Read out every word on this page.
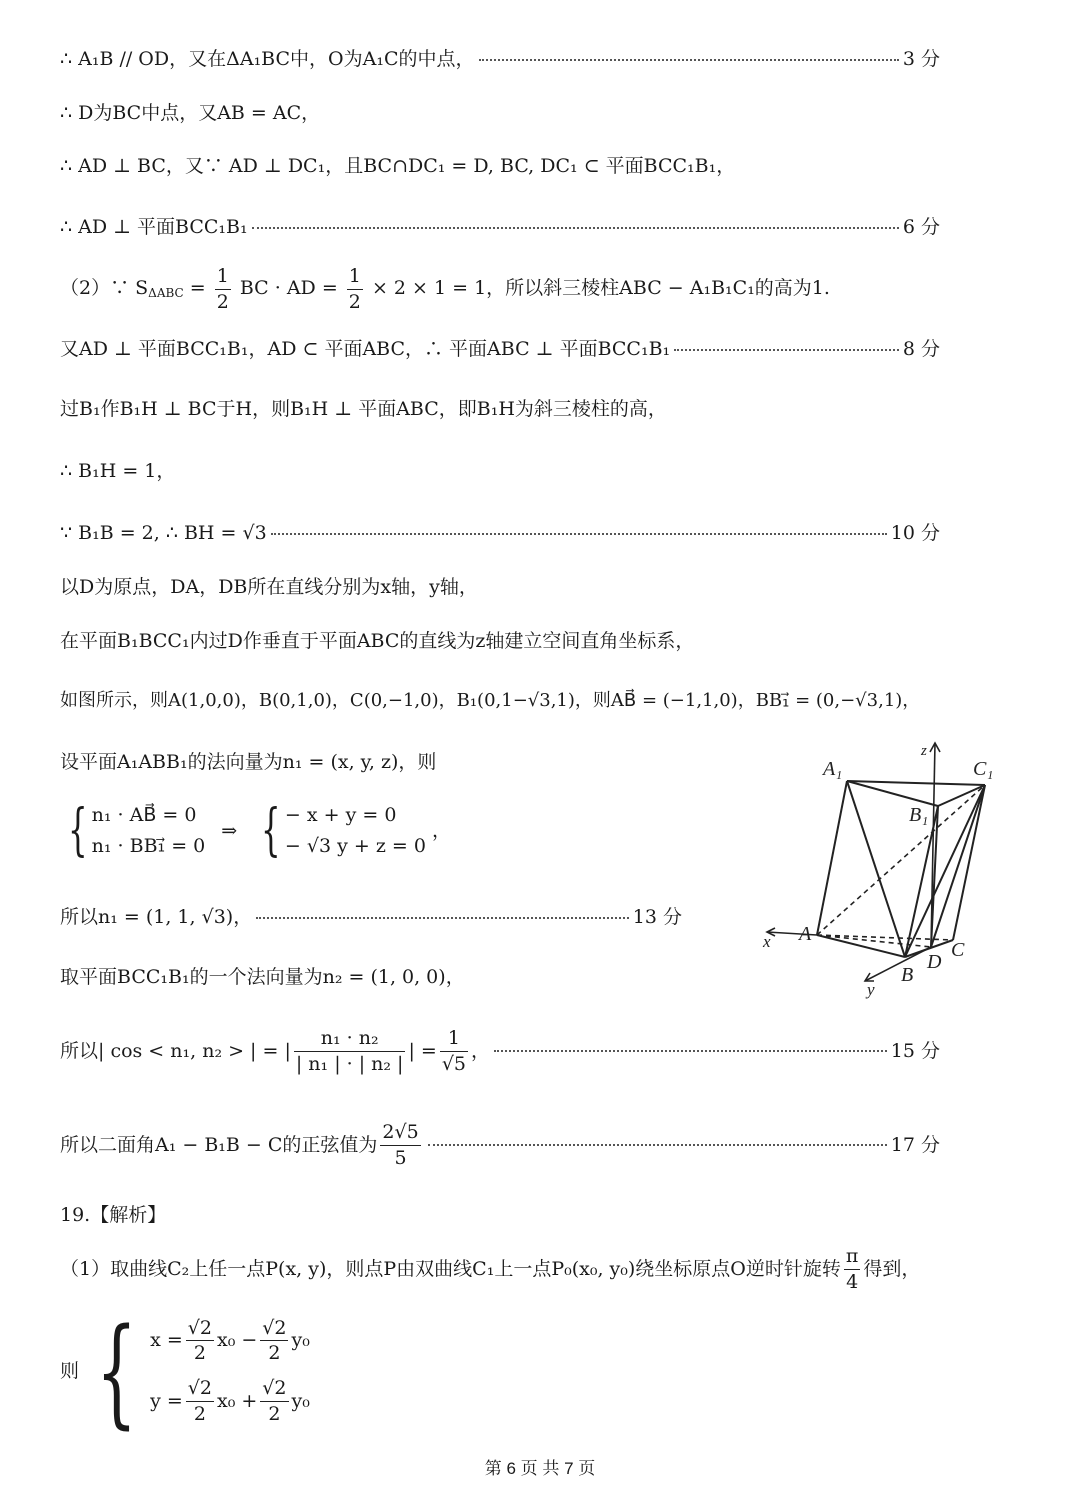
∴ A₁B // OD，又在ΔA₁BC中，O为A₁C的中点，	3 分
∴ D为BC中点，又AB = AC，
∴ AD ⊥ BC，又∵ AD ⊥ DC₁，且BC∩DC₁ = D, BC, DC₁ ⊂ 平面BCC₁B₁，
∴ AD ⊥ 平面BCC₁B₁	6 分
（2）∵ $S_{\Delta ABC} = \frac{1}{2}$ BC · AD = $\frac{1}{2} \times 2 \times 1 = 1$，所以斜三棱柱ABC − A₁B₁C₁的高为1.
又AD ⊥ 平面BCC₁B₁，AD ⊂ 平面ABC，∴ 平面ABC ⊥ 平面BCC₁B₁	8 分
过B₁作B₁H ⊥ BC于H，则B₁H ⊥ 平面ABC，即B₁H为斜三棱柱的高，
∴ B₁H = 1，
∵ B₁B = 2, ∴ BH = √3	10 分
以D为原点，DA，DB所在直线分别为x轴，y轴，
在平面B₁BCC₁内过D作垂直于平面ABC的直线为z轴建立空间直角坐标系，
如图所示，则A(1,0,0)，B(0,1,0)，C(0,−1,0)，B₁(0,1−√3,1)，则AB⃗ = (−1,1,0)，BB₁⃗ = (0,−√3,1)，
设平面A₁ABB₁的法向量为n₁ = (x, y, z)，则
{ n₁ · AB⃗ = 0
n₁ · BB₁⃗ = 0
⇒ { − x + y = 0
− √3 y + z = 0
，
所以n₁ = (1, 1, √3)，	13 分
取平面BCC₁B₁的一个法向量为n₂ = (1, 0, 0)，
所以| cos < n₁, n₂ > | = | $\frac{\text{n₁ · n₂}}{\text{| n₁ | · | n₂ |}}$ | = $\frac{1}{√5}$ ，	15 分
所以二面角A₁ − B₁B − C的正弦值为 $\frac{2√5}{5}$	17 分
19.【解析】
（1）取曲线C₂上任一点P(x, y)，则点P由双曲线C₁上一点P₀(x₀, y₀)绕坐标原点O逆时针旋转 $\frac{\pi}{4}$ 得到，
则 { $x = \frac{√2}{2} x_0 - \frac{√2}{2} y_0$
$y = \frac{√2}{2} x_0 + \frac{√2}{2} y_0$
A₁	C₁
B₁
A
B
C
D
x
y
z
第 6 页 共 7 页
